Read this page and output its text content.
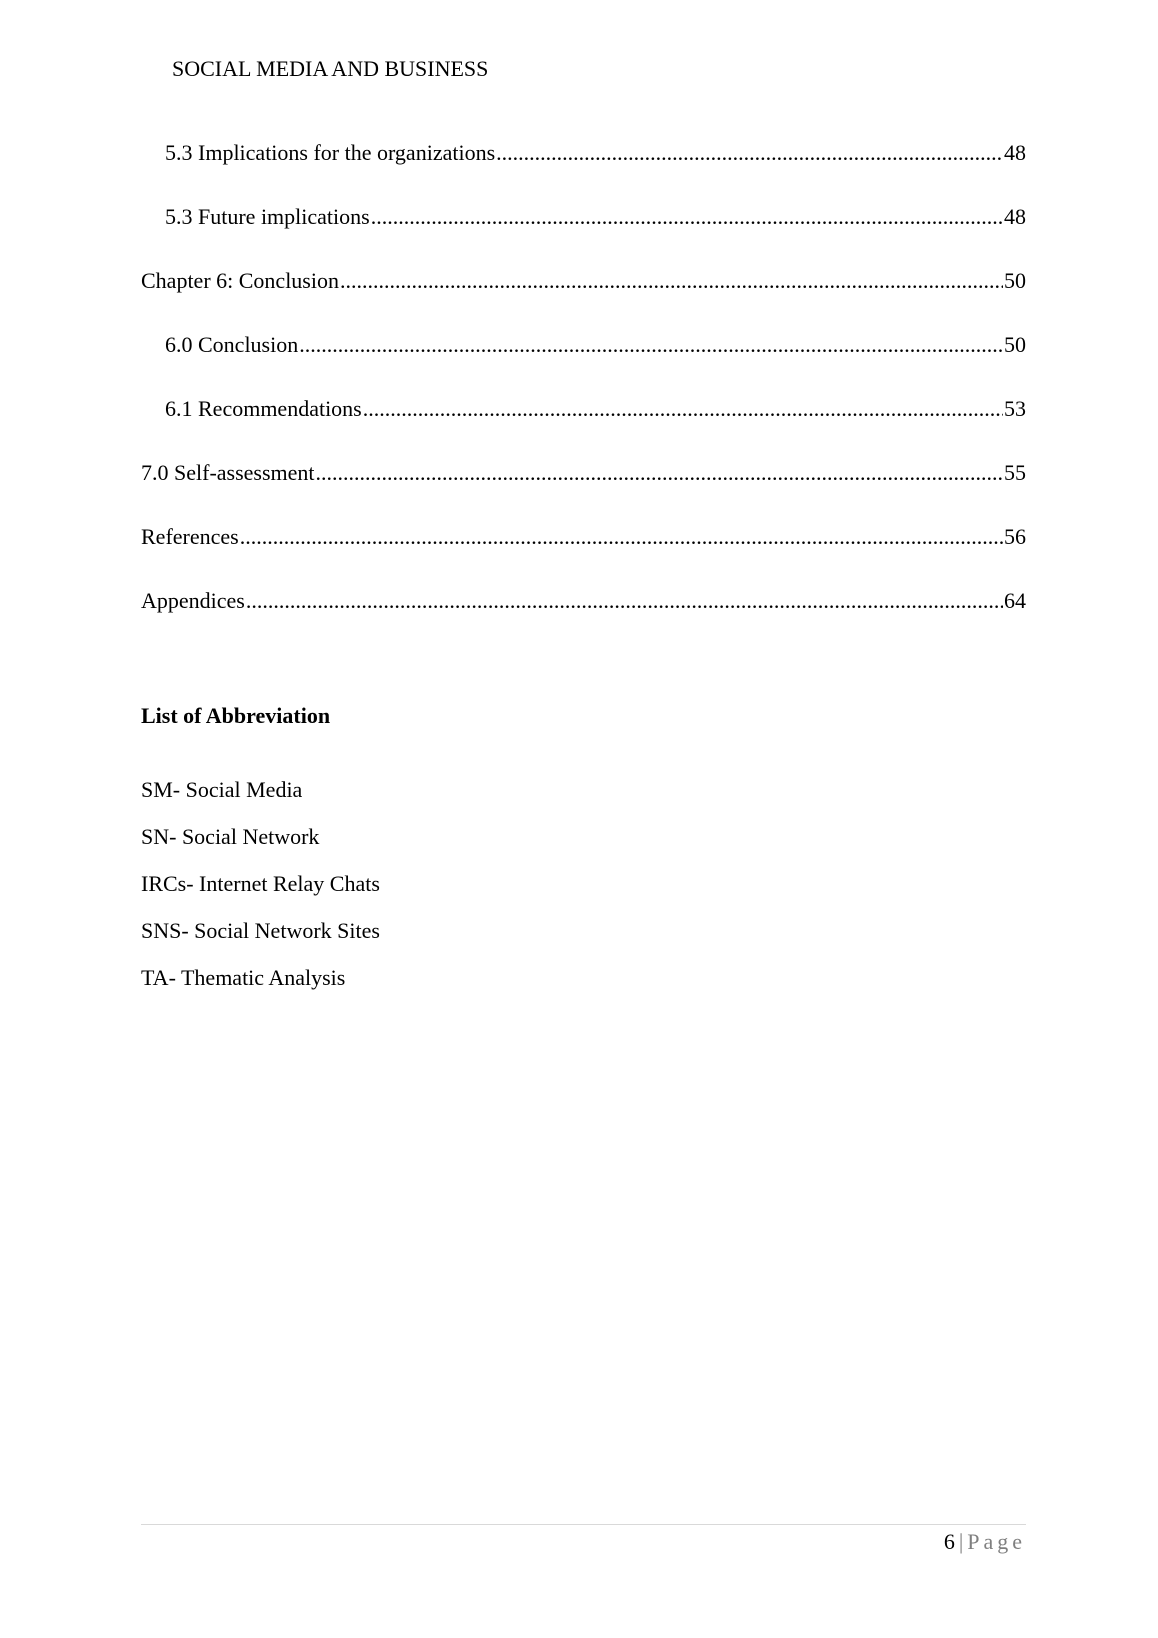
SOCIAL MEDIA AND BUSINESS
5.3 Implications for the organizations .....	48
5.3 Future implications .....	48
Chapter 6: Conclusion .....	50
6.0 Conclusion .....	50
6.1 Recommendations .....	53
7.0 Self-assessment .....	55
References .....	56
Appendices .....	64
List of Abbreviation
SM- Social Media
SN- Social Network
IRCs- Internet Relay Chats
SNS- Social Network Sites
TA- Thematic Analysis
6 | Page
